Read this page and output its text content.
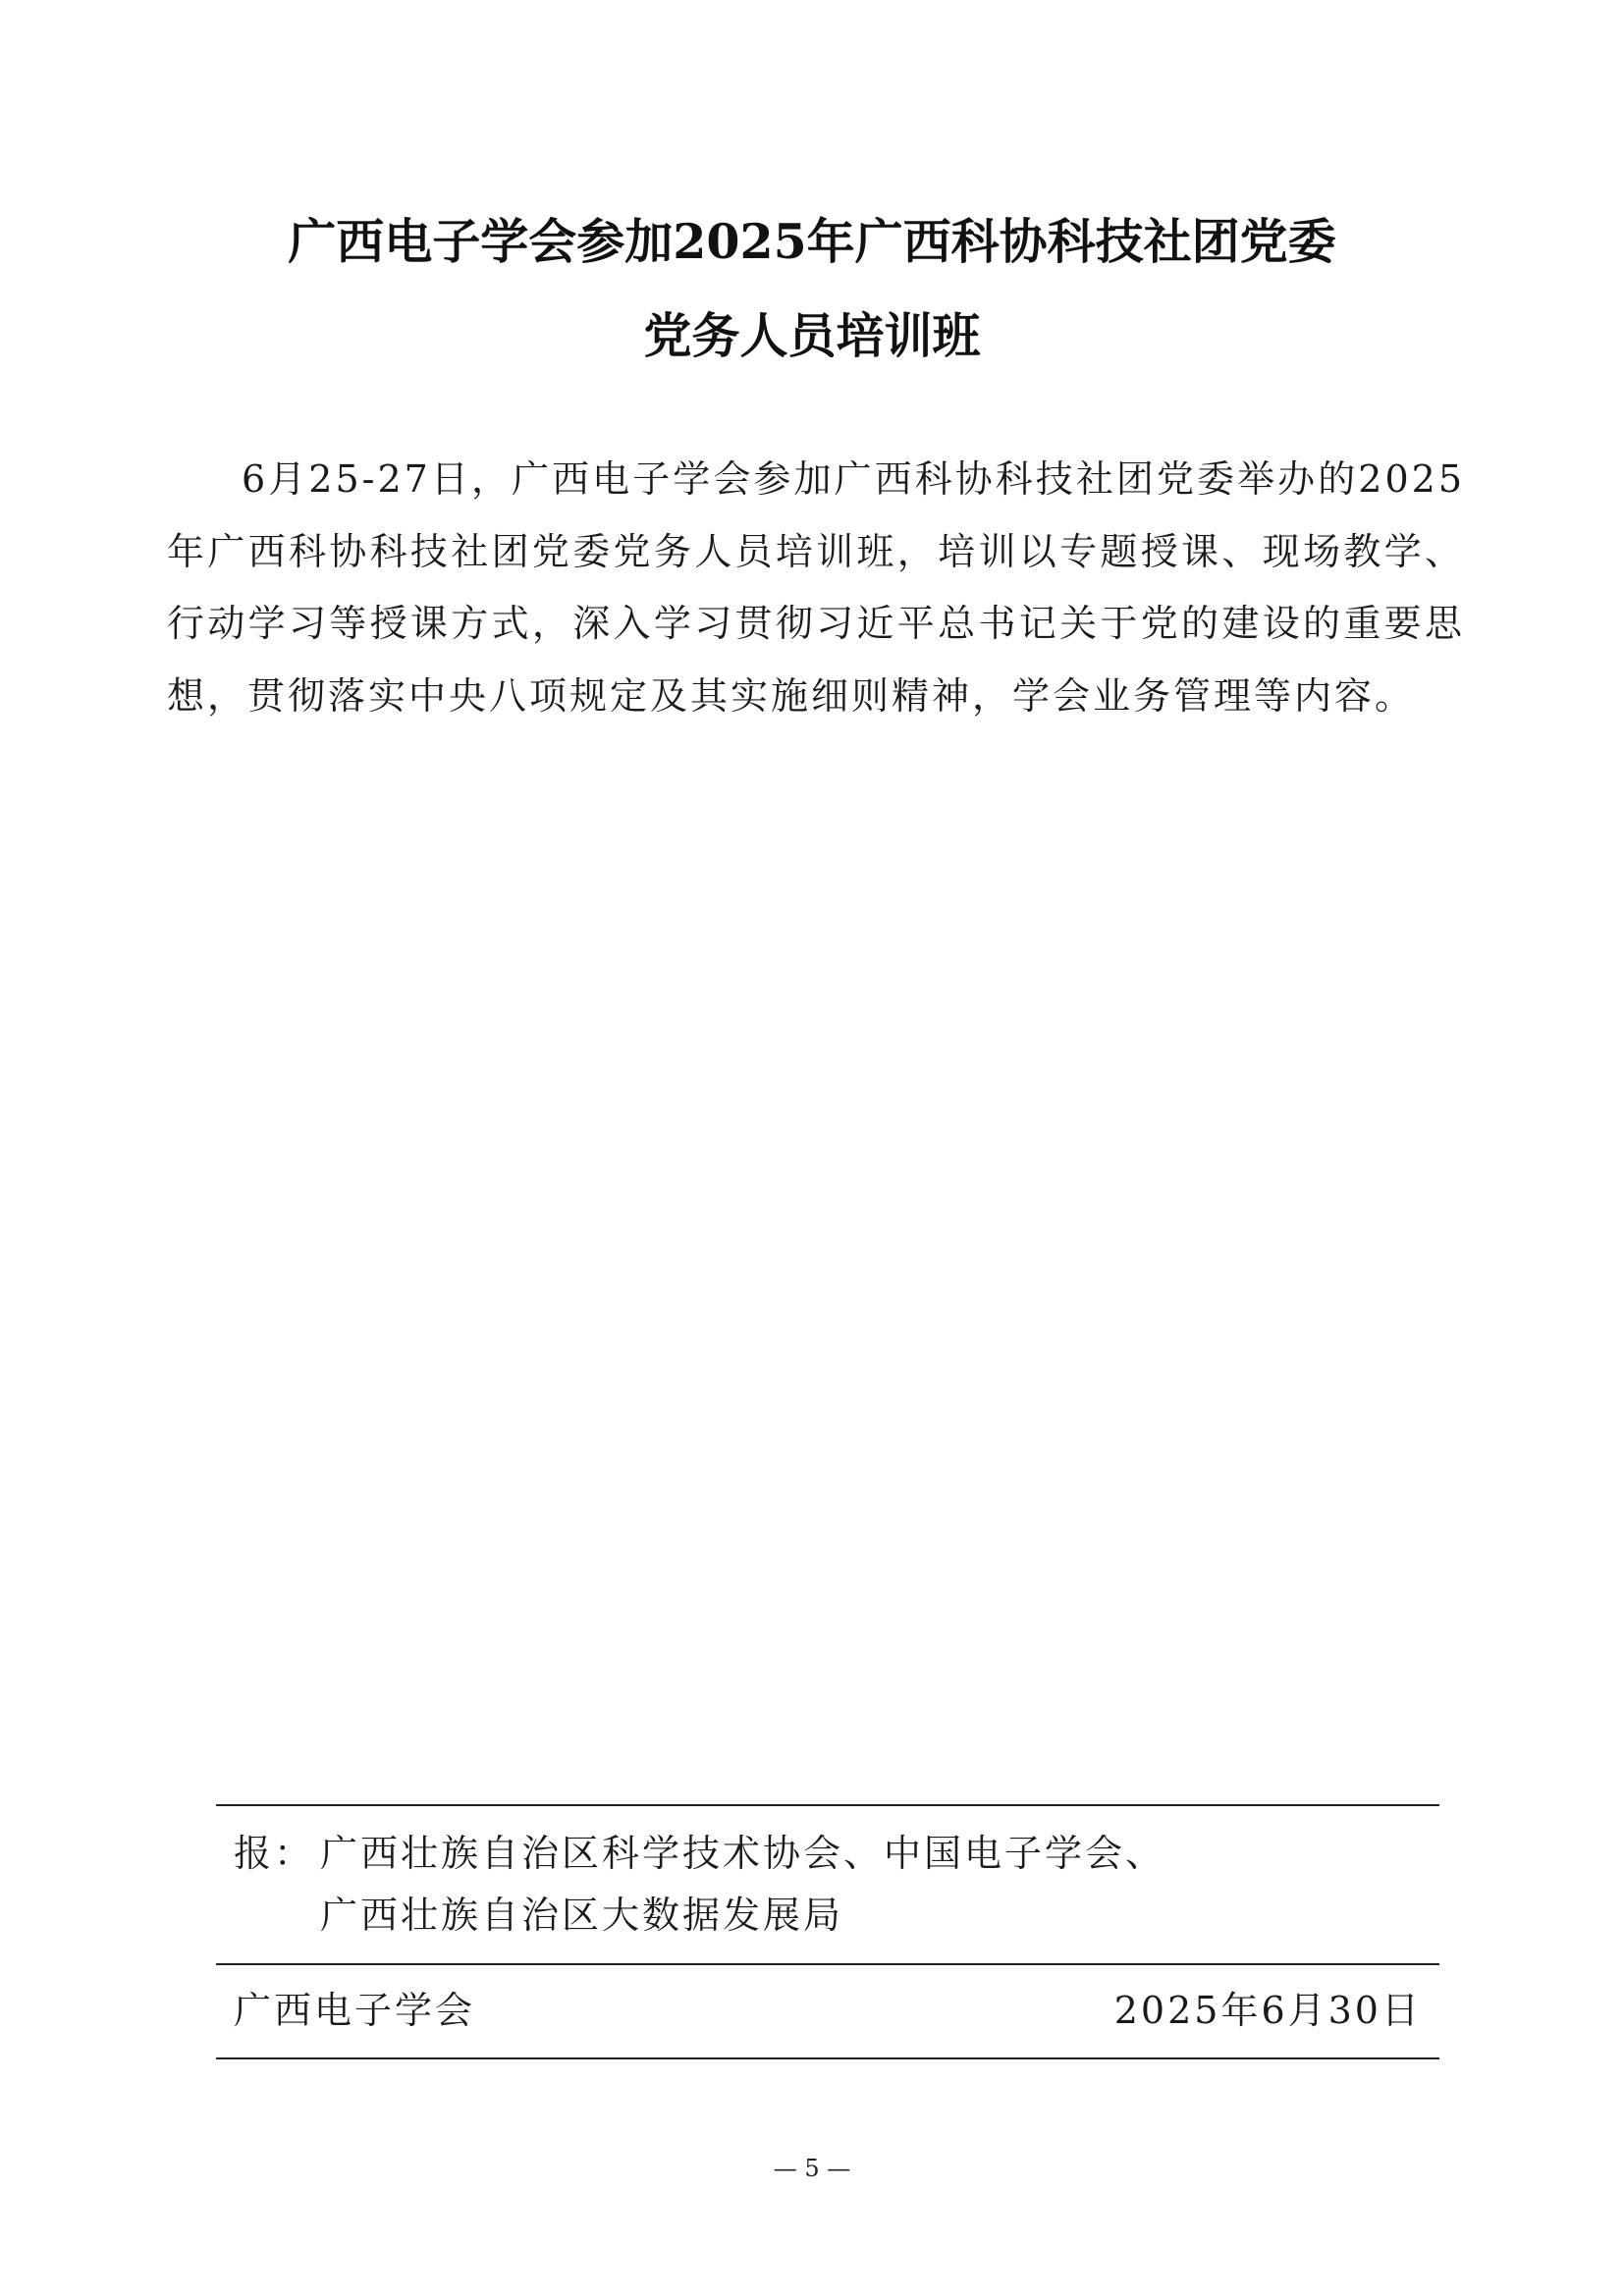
广西电子学会参加2025年广西科协科技社团党委
党务人员培训班

6月25-27日，广西电子学会参加广西科协科技社团党委举办的2025年广西科协科技社团党委党务人员培训班，培训以专题授课、现场教学、行动学习等授课方式，深入学习贯彻习近平总书记关于党的建设的重要思想，贯彻落实中央八项规定及其实施细则精神，学会业务管理等内容。

报： 广西壮族自治区科学技术协会、中国电子学会、
广西壮族自治区大数据发展局
广西电子学会	2025年6月30日
— 5 —
